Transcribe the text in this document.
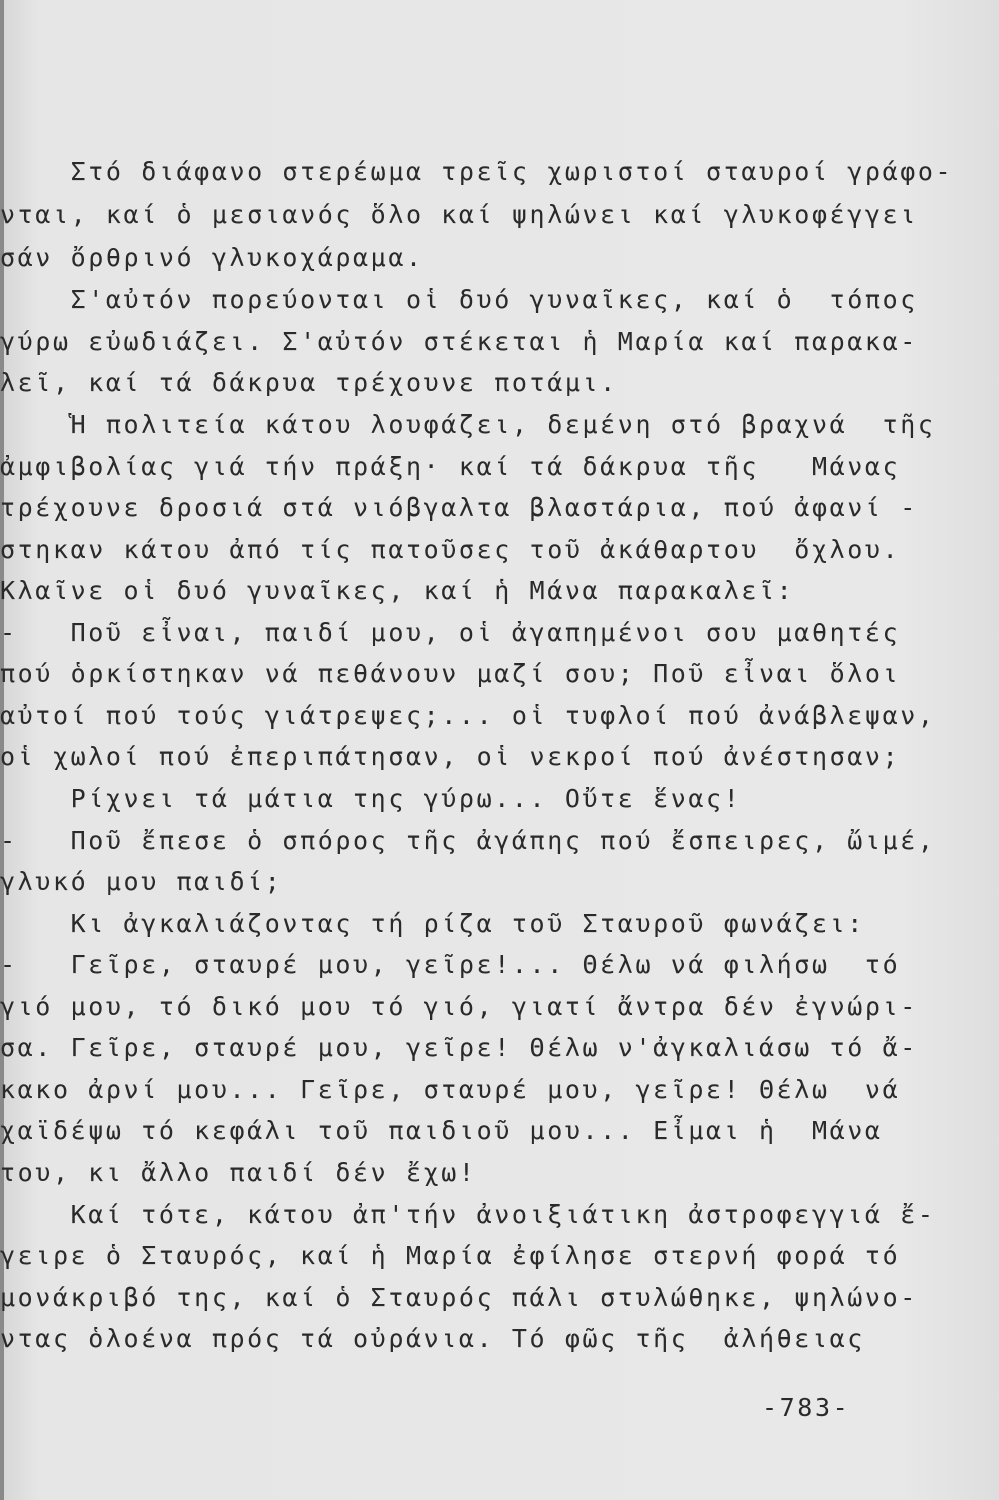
Στό διάφανο στερέωμα τρεῖς χωριστοί σταυροί γράφο-
νται, καί ὁ μεσιανός ὅλο καί ψηλώνει καί γλυκοφέγγει
σάν ὄρθρινό γλυκοχάραμα.
Σ'αὐτόν πορεύονται οἱ δυό γυναῖκες, καί ὁ  τόπος
γύρω εὐωδιάζει. Σ'αὐτόν στέκεται ἡ Μαρία καί παρακα-
λεῖ, καί τά δάκρυα τρέχουνε ποτάμι.
Ἡ πολιτεία κάτου λουφάζει, δεμένη στό βραχνά  τῆς
ἀμφιβολίας γιά τήν πράξη· καί τά δάκρυα τῆς   Μάνας
τρέχουνε δροσιά στά νιόβγαλτα βλαστάρια, πού ἀφανί -
στηκαν κάτου ἀπό τίς πατοῦσες τοῦ ἀκάθαρτου  ὄχλου.
Κλαῖνε οἱ δυό γυναῖκες, καί ἡ Μάνα παρακαλεῖ:
-   Ποῦ εἶναι, παιδί μου, οἱ ἀγαπημένοι σου μαθητές
πού ὁρκίστηκαν νά πεθάνουν μαζί σου; Ποῦ εἶναι ὅλοι
αὐτοί πού τούς γιάτρεψες;... οἱ τυφλοί πού ἀνάβλεψαν,
οἱ χωλοί πού ἐπεριπάτησαν, οἱ νεκροί πού ἀνέστησαν;
Ρίχνει τά μάτια της γύρω... Οὔτε ἕνας!
-   Ποῦ ἔπεσε ὁ σπόρος τῆς ἀγάπης πού ἔσπειρες, ὤιμέ,
γλυκό μου παιδί;
Κι ἀγκαλιάζοντας τή ρίζα τοῦ Σταυροῦ φωνάζει:
-   Γεῖρε, σταυρέ μου, γεῖρε!... Θέλω νά φιλήσω  τό
γιό μου, τό δικό μου τό γιό, γιατί ἄντρα δέν ἐγνώρι-
σα. Γεῖρε, σταυρέ μου, γεῖρε! Θέλω ν'ἀγκαλιάσω τό ἄ-
κακο ἀρνί μου... Γεῖρε, σταυρέ μου, γεῖρε! Θέλω  νά
χαϊδέψω τό κεφάλι τοῦ παιδιοῦ μου... Εἶμαι ἡ  Μάνα
του, κι ἄλλο παιδί δέν ἔχω!
Καί τότε, κάτου ἀπ'τήν ἀνοιξιάτικη ἀστροφεγγιά ἔ-
γειρε ὁ Σταυρός, καί ἡ Μαρία ἐφίλησε στερνή φορά τό
μονάκριβό της, καί ὁ Σταυρός πάλι στυλώθηκε, ψηλώνο-
ντας ὁλοένα πρός τά οὐράνια. Τό φῶς τῆς  ἀλήθειας
-783-
